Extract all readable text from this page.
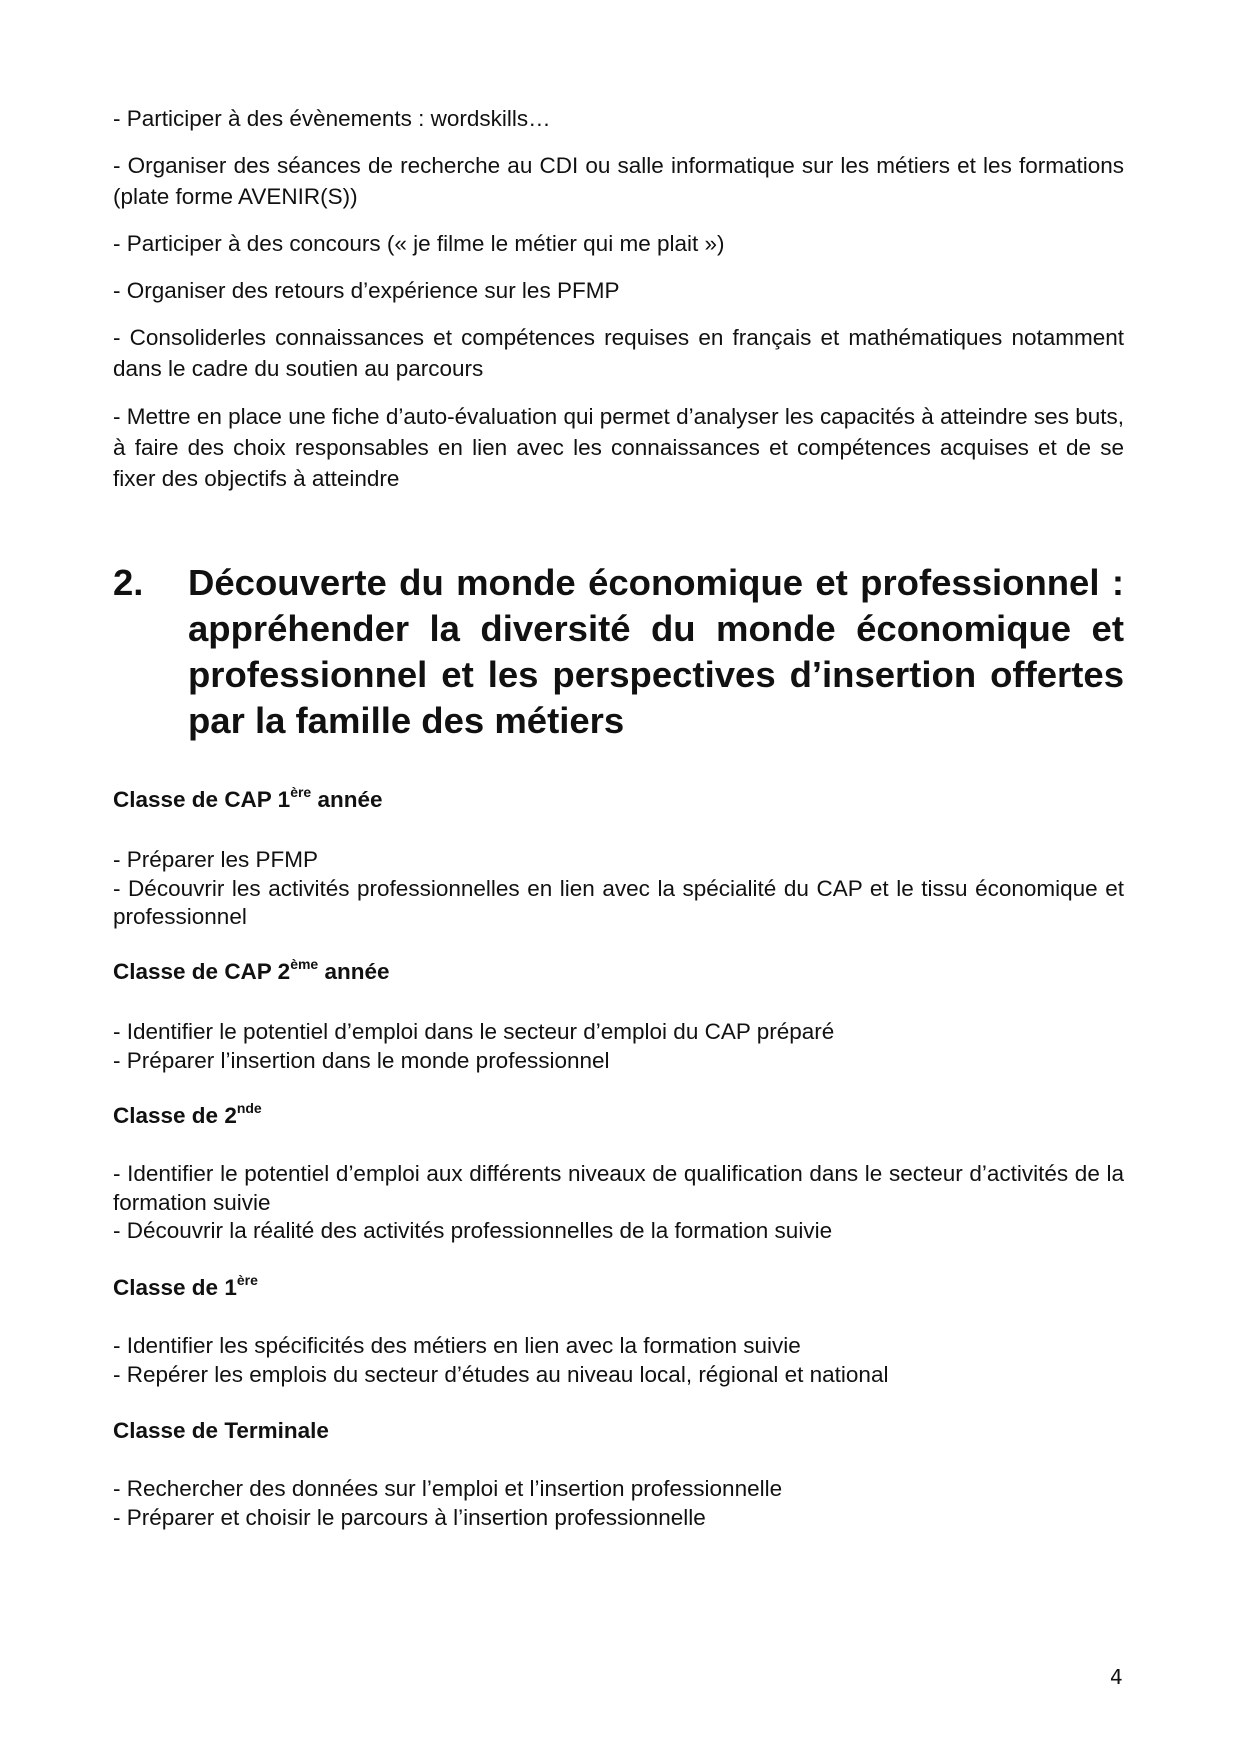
- Participer à des évènements : wordskills…

- Organiser des séances de recherche au CDI ou salle informatique sur les métiers et les formations (plate forme AVENIR(S))

- Participer à des concours (« je filme le métier qui me plait »)

- Organiser des retours d’expérience sur les PFMP

- Consoliderles connaissances et compétences requises en français et mathématiques notamment dans le cadre du soutien au parcours

- Mettre en place une fiche d’auto-évaluation qui permet d’analyser les capacités à atteindre ses buts, à faire des choix responsables en lien avec les connaissances et compétences acquises et de se fixer des objectifs à atteindre

2. Découverte du monde économique et professionnel : appréhender la diversité du monde économique et professionnel et les perspectives d’insertion offertes par la famille des métiers
Classe de CAP 1ère année
- Préparer les PFMP
- Découvrir les activités professionnelles en lien avec la spécialité du CAP et le tissu économique et professionnel
Classe de CAP 2ème année
- Identifier le potentiel d’emploi dans le secteur d’emploi du CAP préparé
- Préparer l’insertion dans le monde professionnel
Classe de 2nde
- Identifier le potentiel d’emploi aux différents niveaux de qualification dans le secteur d’activités de la formation suivie
- Découvrir la réalité des activités professionnelles de la formation suivie
Classe de 1ère
- Identifier les spécificités des métiers en lien avec la formation suivie
- Repérer les emplois du secteur d’études au niveau local, régional et national
Classe de Terminale
- Rechercher des données sur l’emploi et l’insertion professionnelle
- Préparer et choisir le parcours à l’insertion professionnelle
4
